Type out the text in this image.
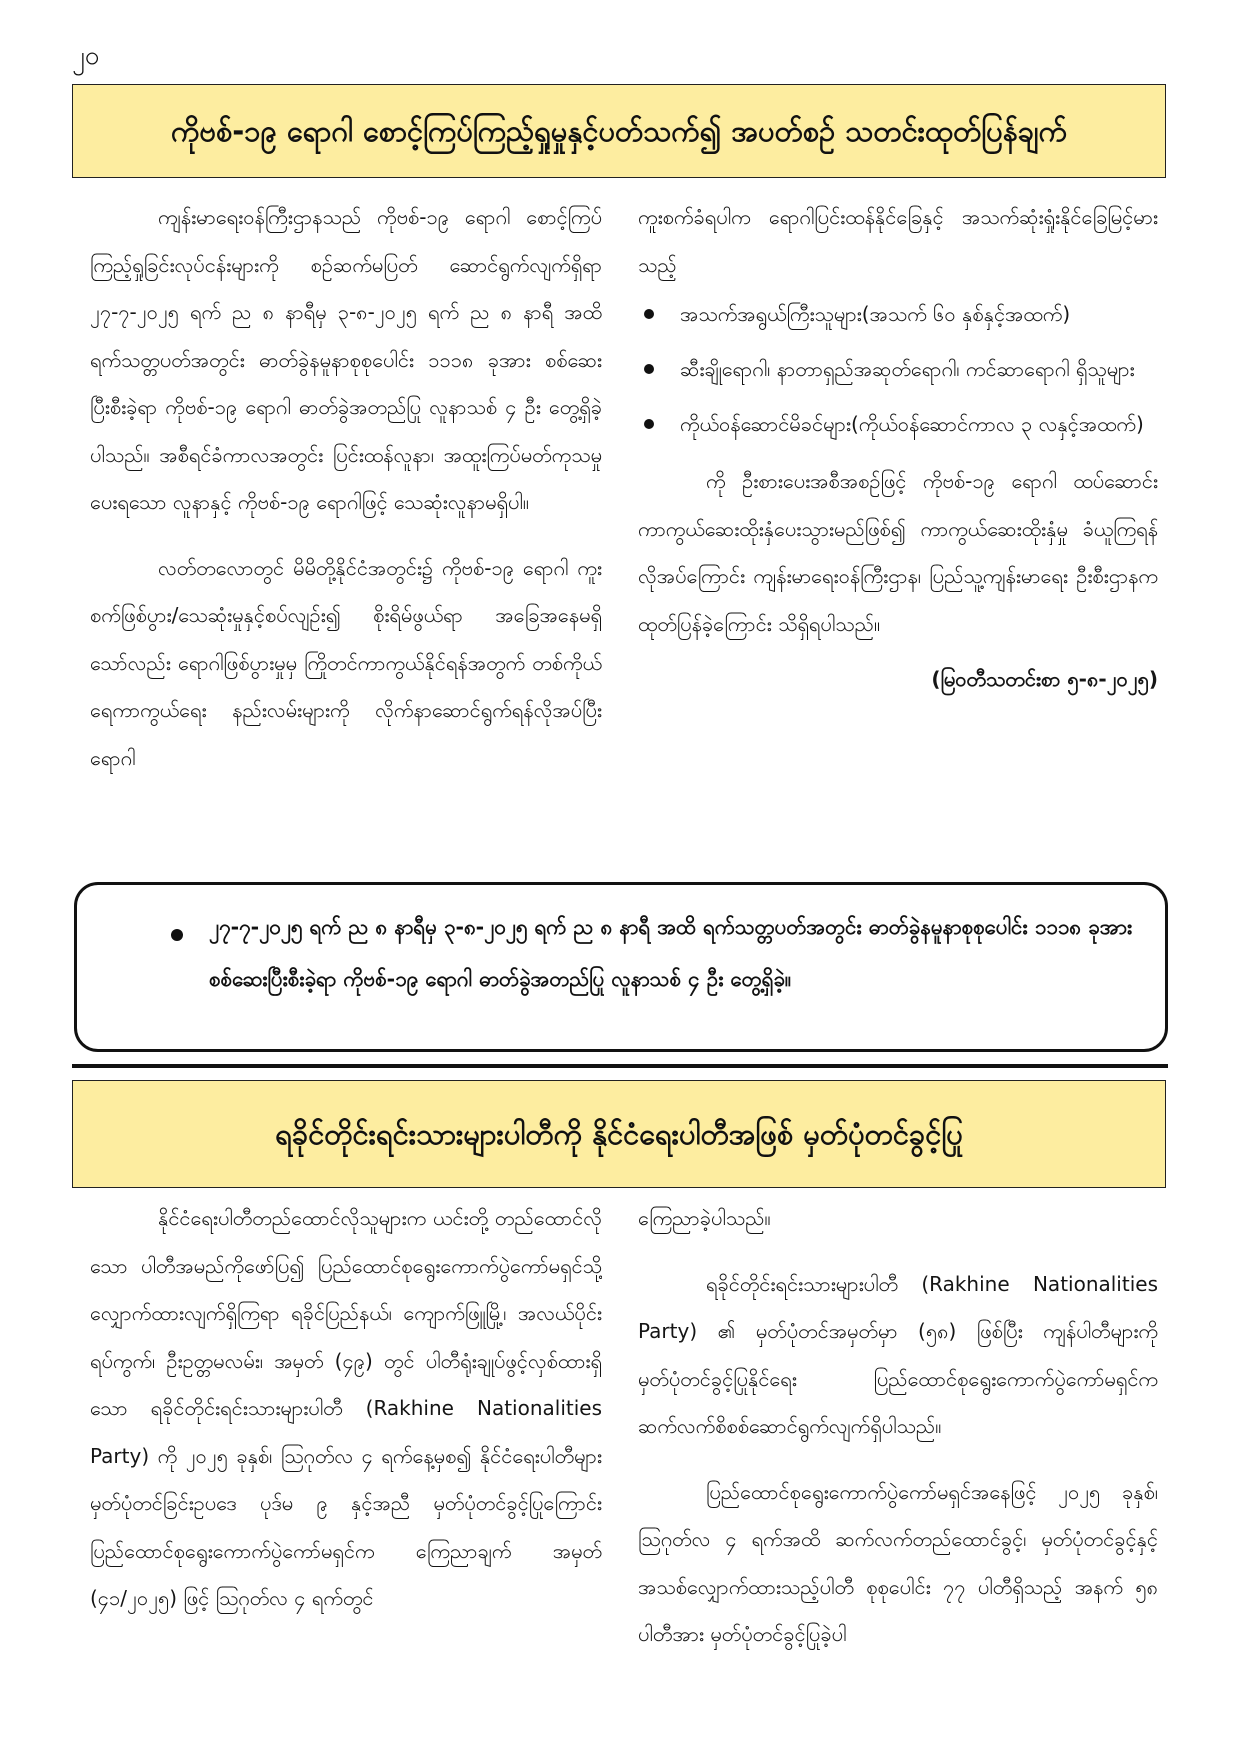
၂၀
ကိုဗစ်-၁၉ ရောဂါ စောင့်ကြပ်ကြည့်ရှုမှုနှင့်ပတ်သက်၍ အပတ်စဉ် သတင်းထုတ်ပြန်ချက်

ကျန်းမာရေးဝန်ကြီးဌာနသည် ကိုဗစ်-၁၉ ရောဂါ စောင့်ကြပ်ကြည့်ရှုခြင်းလုပ်ငန်းများကို စဉ်ဆက်မပြတ် ဆောင်ရွက်လျက်ရှိရာ ၂၇-၇-၂၀၂၅ ရက် ည ၈ နာရီမှ ၃-၈-၂၀၂၅ ရက် ည ၈ နာရီ အထိ ရက်သတ္တပတ်အတွင်း ဓာတ်ခွဲနမူနာစုစုပေါင်း ၁၁၁၈ ခုအား စစ်ဆေးပြီးစီးခဲ့ရာ ကိုဗစ်-၁၉ ရောဂါ ဓာတ်ခွဲအတည်ပြု လူနာသစ် ၄ ဦး တွေ့ရှိခဲ့ပါသည်။ အစီရင်ခံကာလအတွင်း ပြင်းထန်လူနာ၊ အထူးကြပ်မတ်ကုသမှုပေးရသော လူနာနှင့် ကိုဗစ်-၁၉ ရောဂါဖြင့် သေဆုံးလူနာမရှိပါ။

လတ်တလောတွင် မိမိတို့နိုင်ငံအတွင်း၌ ကိုဗစ်-၁၉ ရောဂါ ကူးစက်ဖြစ်ပွား/သေဆုံးမှုနှင့်စပ်လျဉ်း၍ စိုးရိမ်ဖွယ်ရာ အခြေအနေမရှိသော်လည်း ရောဂါဖြစ်ပွားမှုမှ ကြိုတင်ကာကွယ်နိုင်ရန်အတွက် တစ်ကိုယ်ရေကာကွယ်ရေး နည်းလမ်းများကို လိုက်နာဆောင်ရွက်ရန်လိုအပ်ပြီး ရောဂါ

ကူးစက်ခံရပါက ရောဂါပြင်းထန်နိုင်ခြေနှင့် အသက်ဆုံးရှုံးနိုင်ခြေမြင့်မားသည့်

အသက်အရွယ်ကြီးသူများ(အသက် ၆၀ နှစ်နှင့်အထက်)
ဆီးချိုရောဂါ၊ နာတာရှည်အဆုတ်ရောဂါ၊ ကင်ဆာရောဂါ ရှိသူများ
ကိုယ်ဝန်ဆောင်မိခင်များ(ကိုယ်ဝန်ဆောင်ကာလ ၃ လနှင့်အထက်)

ကို ဦးစားပေးအစီအစဉ်ဖြင့် ကိုဗစ်-၁၉ ရောဂါ ထပ်ဆောင်းကာကွယ်ဆေးထိုးနှံပေးသွားမည်ဖြစ်၍ ကာကွယ်ဆေးထိုးနှံမှု ခံယူကြရန် လိုအပ်ကြောင်း ကျန်းမာရေးဝန်ကြီးဌာန၊ ပြည်သူ့ကျန်းမာရေး ဦးစီးဌာနက ထုတ်ပြန်ခဲ့ကြောင်း သိရှိရပါသည်။

(မြဝတီသတင်းစာ ၅-၈-၂၀၂၅)

၂၇-၇-၂၀၂၅ ရက် ည ၈ နာရီမှ ၃-၈-၂၀၂၅ ရက် ည ၈ နာရီ အထိ ရက်သတ္တပတ်အတွင်း ဓာတ်ခွဲနမူနာစုစုပေါင်း ၁၁၁၈ ခုအား စစ်ဆေးပြီးစီးခဲ့ရာ ကိုဗစ်-၁၉ ရောဂါ ဓာတ်ခွဲအတည်ပြု လူနာသစ် ၄ ဦး တွေ့ရှိခဲ့။
ရခိုင်တိုင်းရင်းသားများပါတီကို နိုင်ငံရေးပါတီအဖြစ် မှတ်ပုံတင်ခွင့်ပြု

နိုင်ငံရေးပါတီတည်ထောင်လိုသူများက ယင်းတို့ တည်ထောင်လိုသော ပါတီအမည်ကိုဖော်ပြ၍ ပြည်ထောင်စုရွေးကောက်ပွဲကော်မရှင်သို့ လျှောက်ထားလျက်ရှိကြရာ ရခိုင်ပြည်နယ်၊ ကျောက်ဖြူမြို့၊ အလယ်ပိုင်းရပ်ကွက်၊ ဦးဥတ္တမလမ်း၊ အမှတ် (၄၉) တွင် ပါတီရုံးချုပ်ဖွင့်လှစ်ထားရှိသော ရခိုင်တိုင်းရင်းသားများပါတီ (Rakhine Nationalities Party) ကို ၂၀၂၅ ခုနှစ်၊ ဩဂုတ်လ ၄ ရက်နေ့မှစ၍ နိုင်ငံရေးပါတီများ မှတ်ပုံတင်ခြင်းဥပဒေ ပုဒ်မ ၉ နှင့်အညီ မှတ်ပုံတင်ခွင့်ပြုကြောင်း ပြည်ထောင်စုရွေးကောက်ပွဲကော်မရှင်က ကြေညာချက် အမှတ် (၄၁/၂၀၂၅) ဖြင့် ဩဂုတ်လ ၄ ရက်တွင်

ကြေညာခဲ့ပါသည်။

ရခိုင်တိုင်းရင်းသားများပါတီ (Rakhine Nationalities Party) ၏ မှတ်ပုံတင်အမှတ်မှာ (၅၈) ဖြစ်ပြီး ကျန်ပါတီများကို မှတ်ပုံတင်ခွင့်ပြုနိုင်ရေး ပြည်ထောင်စုရွေးကောက်ပွဲကော်မရှင်က ဆက်လက်စိစစ်ဆောင်ရွက်လျက်ရှိပါသည်။

ပြည်ထောင်စုရွေးကောက်ပွဲကော်မရှင်အနေဖြင့် ၂၀၂၅ ခုနှစ်၊ ဩဂုတ်လ ၄ ရက်အထိ ဆက်လက်တည်ထောင်ခွင့်၊ မှတ်ပုံတင်ခွင့်နှင့် အသစ်လျှောက်ထားသည့်ပါတီ စုစုပေါင်း ၇၇ ပါတီရှိသည့် အနက် ၅၈ ပါတီအား မှတ်ပုံတင်ခွင့်ပြုခဲ့ပါ
